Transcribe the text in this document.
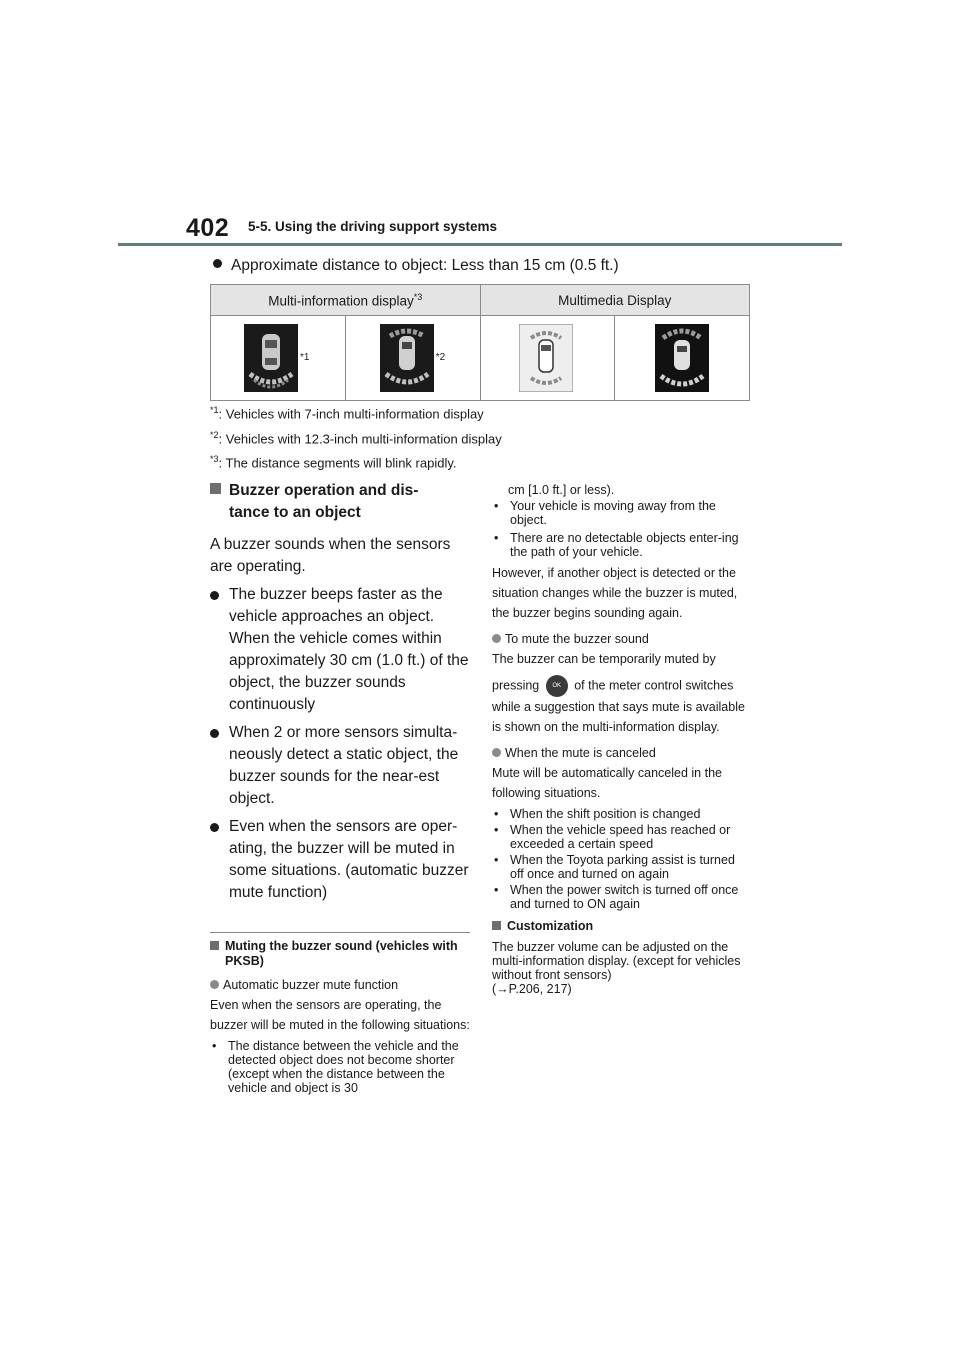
402 5-5. Using the driving support systems
Approximate distance to object: Less than 15 cm (0.5 ft.)
Multi-information display$^{*3}$		Multimedia Display	

*1	*2

$^{*1}$: Vehicles with 7-inch multi-information display
$^{*2}$: Vehicles with 12.3-inch multi-information display
$^{*3}$: The distance segments will blink rapidly.
Buzzer operation and dis-
tance to an object
A buzzer sounds when the sensors are operating.
The buzzer beeps faster as the vehicle approaches an object. When the vehicle comes within approximately 30 cm (1.0 ft.) of the object, the buzzer sounds continuously
When 2 or more sensors simulta-neously detect a static object, the buzzer sounds for the near-est object.
Even when the sensors are oper-ating, the buzzer will be muted in some situations. (automatic buzzer mute function)
Muting the buzzer sound (vehicles with PKSB)
Automatic buzzer mute function
Even when the sensors are operating, the buzzer will be muted in the following situations:
• The distance between the vehicle and the detected object does not become shorter (except when the distance between the vehicle and object is 30
cm [1.0 ft.] or less).
• Your vehicle is moving away from the object.
• There are no detectable objects enter-ing the path of your vehicle.
However, if another object is detected or the situation changes while the buzzer is muted, the buzzer begins sounding again.
To mute the buzzer sound
The buzzer can be temporarily muted by
pressing OK of the meter control switches while a suggestion that says mute is available is shown on the multi-information display.
When the mute is canceled
Mute will be automatically canceled in the following situations.
• When the shift position is changed
• When the vehicle speed has reached or exceeded a certain speed
• When the Toyota parking assist is turned off once and turned on again
• When the power switch is turned off once and turned to ON again
Customization
The buzzer volume can be adjusted on the multi-information display. (except for vehicles without front sensors)
(→P.206, 217)
